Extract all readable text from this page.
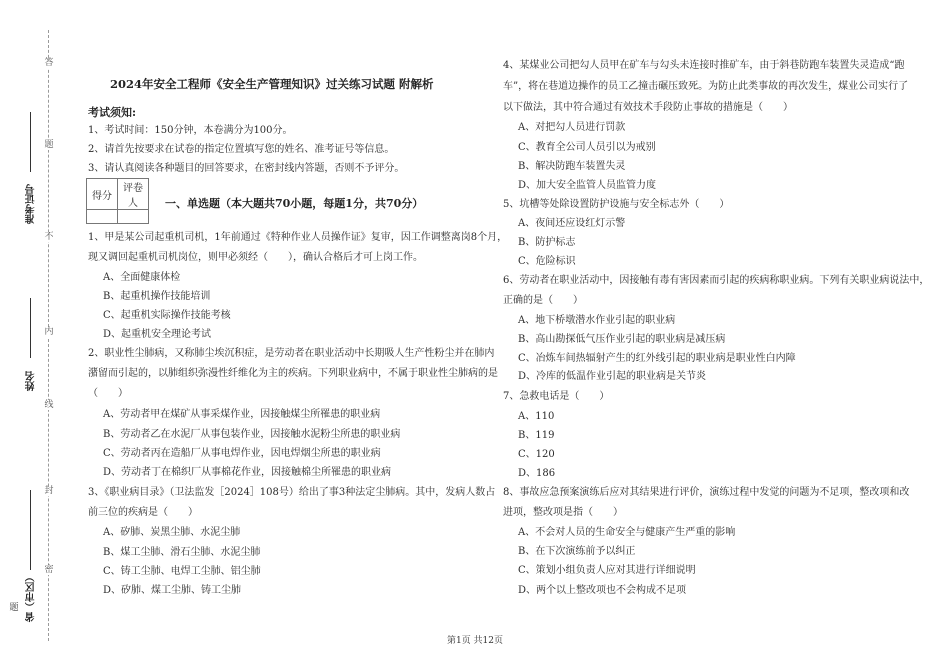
答
题
不
内
线
封
密
准考证号
姓名
省（市区）
题
2024年安全工程师《安全生产管理知识》过关练习试题 附解析
考试须知:
1、考试时间：150分钟，本卷满分为100分。
2、请首先按要求在试卷的指定位置填写您的姓名、准考证号等信息。
3、请认真阅读各种题目的回答要求，在密封线内答题，否则不予评分。
得分	评卷人
	一、单选题（本大题共70小题，每题1分，共70分）
1、甲是某公司起重机司机，1年前通过《特种作业人员操作证》复审，因工作调整离岗8个月，
现又调回起重机司机岗位，则甲必须经（　　），确认合格后才可上岗工作。
A、全面健康体检
B、起重机操作技能培训
C、起重机实际操作技能考核
D、起重机安全理论考试
2、职业性尘肺病，又称肺尘埃沉积症，是劳动者在职业活动中长期吸人生产性粉尘并在肺内
潴留而引起的，以肺组织弥漫性纤维化为主的疾病。下列职业病中，不属于职业性尘肺病的是
（　　）
A、劳动者甲在煤矿从事采煤作业，因接触煤尘所罹患的职业病
B、劳动者乙在水泥厂从事包装作业，因接触水泥粉尘所患的职业病
C、劳动者丙在造船厂从事电焊作业，因电焊烟尘所患的职业病
D、劳动者丁在棉织厂从事棉花作业，因接触棉尘所罹患的职业病
3、《职业病目录》（卫法监发［2024］108号）给出了事3种法定尘肺病。其中，发病人数占
前三位的疾病是（　　）
A、矽肺、炭黑尘肺、水泥尘肺
B、煤工尘肺、滑石尘肺、水泥尘肺
C、铸工尘肺、电焊工尘肺、铝尘肺
D、矽肺、煤工尘肺、铸工尘肺
4、某煤业公司把勾人员甲在矿车与勾头未连接时推矿车，由于斜巷防跑车装置失灵造成“跑
车”，将在巷道边操作的员工乙撞击碾压致死。为防止此类事故的再次发生，煤业公司实行了
以下做法，其中符合通过有效技术手段防止事故的措施是（　　）
A、对把勾人员进行罚款
C、教育全公司人员引以为戒别
B、解决防跑车装置失灵
D、加大安全监管人员监管力度
5、坑槽等处除设置防护设施与安全标志外（　　）
A、夜间还应设红灯示警
B、防护标志
C、危险标识
6、劳动者在职业活动中，因接触有毒有害因素而引起的疾病称职业病。下列有关职业病说法中，
正确的是（　　）
A、地下桥墩潜水作业引起的职业病
B、高山勘探低气压作业引起的职业病是减压病
C、冶炼车间热辐射产生的红外线引起的职业病是职业性白内障
D、冷库的低温作业引起的职业病是关节炎
7、急救电话是（　　）
A、110
B、119
C、120
D、186
8、事故应急预案演练后应对其结果进行评价，演练过程中发觉的问题为不足项，整改项和改
进项，整改项是指（　　）
A、不会对人员的生命安全与健康产生严重的影响
B、在下次演练前予以纠正
C、策划小组负责人应对其进行详细说明
D、两个以上整改项也不会构成不足项
第1页 共12页
